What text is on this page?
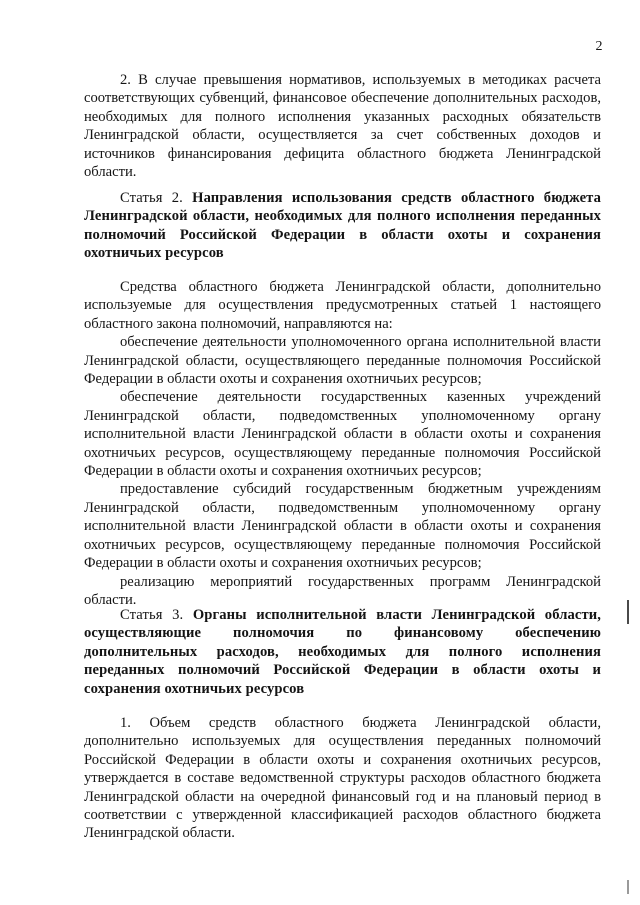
2

2. В случае превышения нормативов, используемых в методиках расчета соответствующих субвенций, финансовое обеспечение дополнительных расходов, необходимых для полного исполнения указанных расходных обязательств Ленинградской области, осуществляется за счет собственных доходов и источников финансирования дефицита областного бюджета Ленинградской области.

Статья 2. Направления использования средств областного бюджета Ленинградской области, необходимых для полного исполнения переданных полномочий Российской Федерации в области охоты и сохранения охотничьих ресурсов

Средства областного бюджета Ленинградской области, дополнительно используемые для осуществления предусмотренных статьей 1 настоящего областного закона полномочий, направляются на:

обеспечение деятельности уполномоченного органа исполнительной власти Ленинградской области, осуществляющего переданные полномочия Российской Федерации в области охоты и сохранения охотничьих ресурсов;

обеспечение деятельности государственных казенных учреждений Ленинградской области, подведомственных уполномоченному органу исполнительной власти Ленинградской области в области охоты и сохранения охотничьих ресурсов, осуществляющему переданные полномочия Российской Федерации в области охоты и сохранения охотничьих ресурсов;

предоставление субсидий государственным бюджетным учреждениям Ленинградской области, подведомственным уполномоченному органу исполнительной власти Ленинградской области в области охоты и сохранения охотничьих ресурсов, осуществляющему переданные полномочия Российской Федерации в области охоты и сохранения охотничьих ресурсов;

реализацию мероприятий государственных программ Ленинградской области.

Статья 3. Органы исполнительной власти Ленинградской области, осуществляющие полномочия по финансовому обеспечению дополнительных расходов, необходимых для полного исполнения переданных полномочий Российской Федерации в области охоты и сохранения охотничьих ресурсов

1. Объем средств областного бюджета Ленинградской области, дополнительно используемых для осуществления переданных полномочий Российской Федерации в области охоты и сохранения охотничьих ресурсов, утверждается в составе ведомственной структуры расходов областного бюджета Ленинградской области на очередной финансовый год и на плановый период в соответствии с утвержденной классификацией расходов областного бюджета Ленинградской области.
